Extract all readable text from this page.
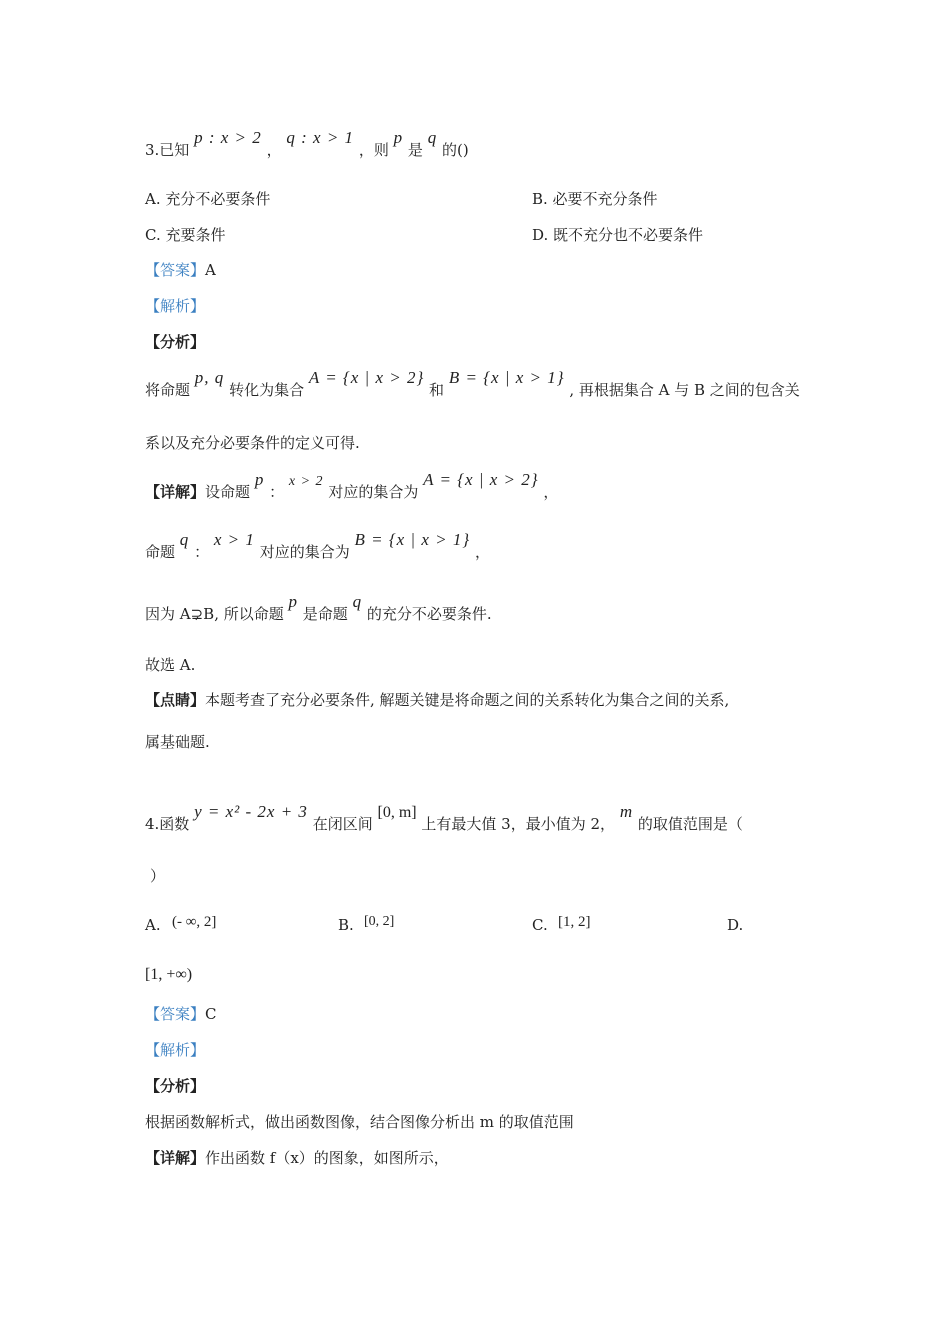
3.已知 p : x > 2 ， q : x > 1 ，则 p 是 q 的()
A. 充分不必要条件	B. 必要不充分条件
C. 充要条件	D. 既不充分也不必要条件
【答案】A
【解析】
【分析】
将命题 p, q 转化为集合 A = {x | x > 2} 和 B = {x | x > 1} , 再根据集合 A 与 B 之间的包含关
系以及充分必要条件的定义可得.
【详解】设命题 p ： x > 2 对应的集合为 A = {x | x > 2} ，
命题 q ： x > 1 对应的集合为 B = {x | x > 1} ，
因为 A⊋B, 所以命题 p 是命题 q 的充分不必要条件.
故选 A.
【点睛】本题考查了充分必要条件, 解题关键是将命题之间的关系转化为集合之间的关系,
属基础题.
4.函数 y = x² - 2x + 3 在闭区间 [0, m] 上有最大值 3，最小值为 2， m 的取值范围是（
）
A. (- ∞, 2]	B. [0, 2]	C. [1, 2]	D.
[1, +∞)
【答案】C
【解析】
【分析】
根据函数解析式，做出函数图像，结合图像分析出 m 的取值范围
【详解】作出函数 f（x）的图象，如图所示，
